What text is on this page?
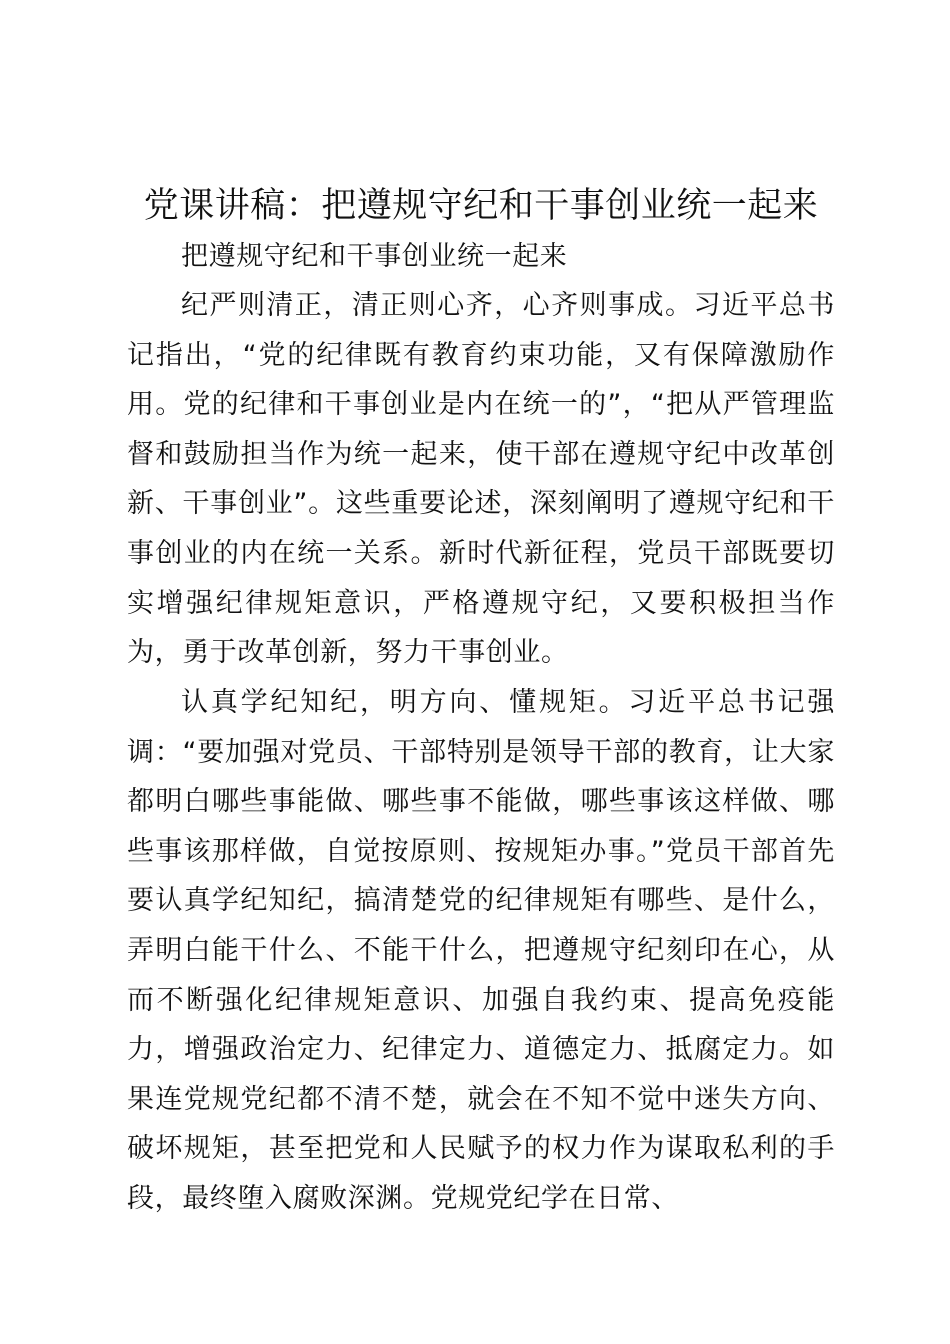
党课讲稿：把遵规守纪和干事创业统一起来

把遵规守纪和干事创业统一起来

纪严则清正，清正则心齐，心齐则事成。习近平总书记指出，“党的纪律既有教育约束功能，又有保障激励作用。党的纪律和干事创业是内在统一的”，“把从严管理监督和鼓励担当作为统一起来，使干部在遵规守纪中改革创新、干事创业”。这些重要论述，深刻阐明了遵规守纪和干事创业的内在统一关系。新时代新征程，党员干部既要切实增强纪律规矩意识，严格遵规守纪，又要积极担当作为，勇于改革创新，努力干事创业。

认真学纪知纪，明方向、懂规矩。习近平总书记强调：“要加强对党员、干部特别是领导干部的教育，让大家都明白哪些事能做、哪些事不能做，哪些事该这样做、哪些事该那样做，自觉按原则、按规矩办事。”党员干部首先要认真学纪知纪，搞清楚党的纪律规矩有哪些、是什么，弄明白能干什么、不能干什么，把遵规守纪刻印在心，从而不断强化纪律规矩意识、加强自我约束、提高免疫能力，增强政治定力、纪律定力、道德定力、抵腐定力。如果连党规党纪都不清不楚，就会在不知不觉中迷失方向、破坏规矩，甚至把党和人民赋予的权力作为谋取私利的手段，最终堕入腐败深渊。党规党纪学在日常、
